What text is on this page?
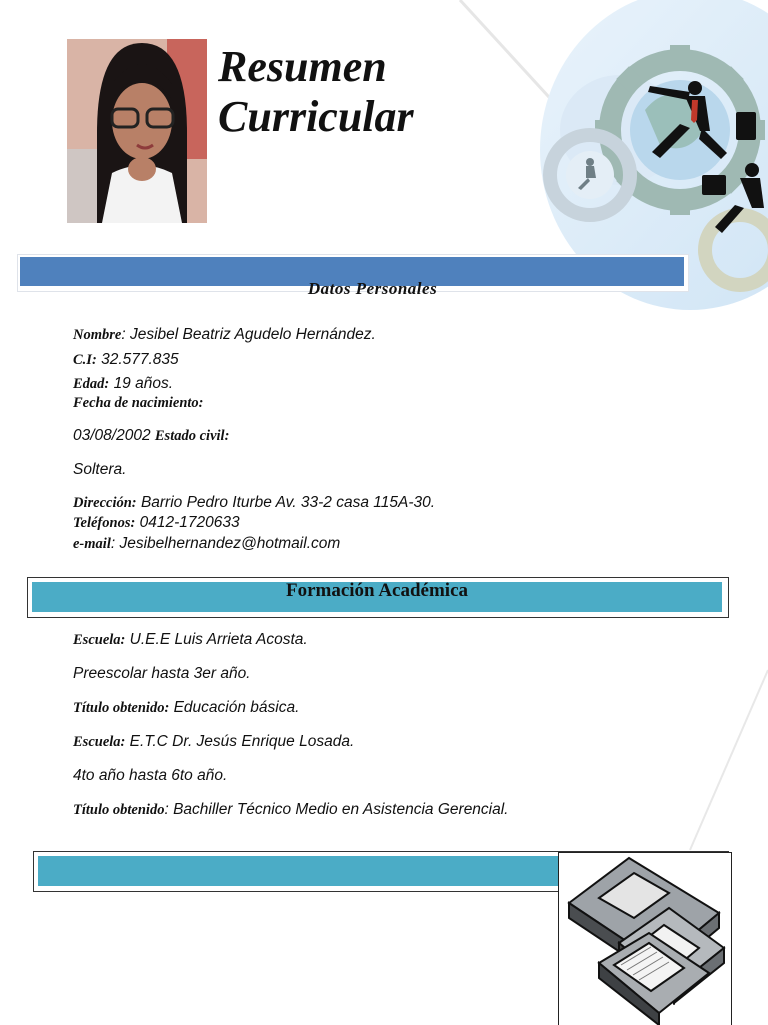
Resumen
Curricular
Datos Personales
Nombre: Jesibel Beatriz Agudelo Hernández.
C.I: 32.577.835
Edad: 19 años.
Fecha de nacimiento:
03/08/2002 Estado civil:
Soltera.
Dirección: Barrio Pedro Iturbe Av. 33-2 casa 115A-30.
Teléfonos: 0412-1720633
e-mail: Jesibelhernandez@hotmail.com
Formación Académica
Escuela: U.E.E Luis Arrieta Acosta.
Preescolar hasta 3er año.
Título obtenido: Educación básica.
Escuela: E.T.C Dr. Jesús Enrique Losada.
4to año hasta 6to año.
Título obtenido: Bachiller Técnico Medio en Asistencia Gerencial.
